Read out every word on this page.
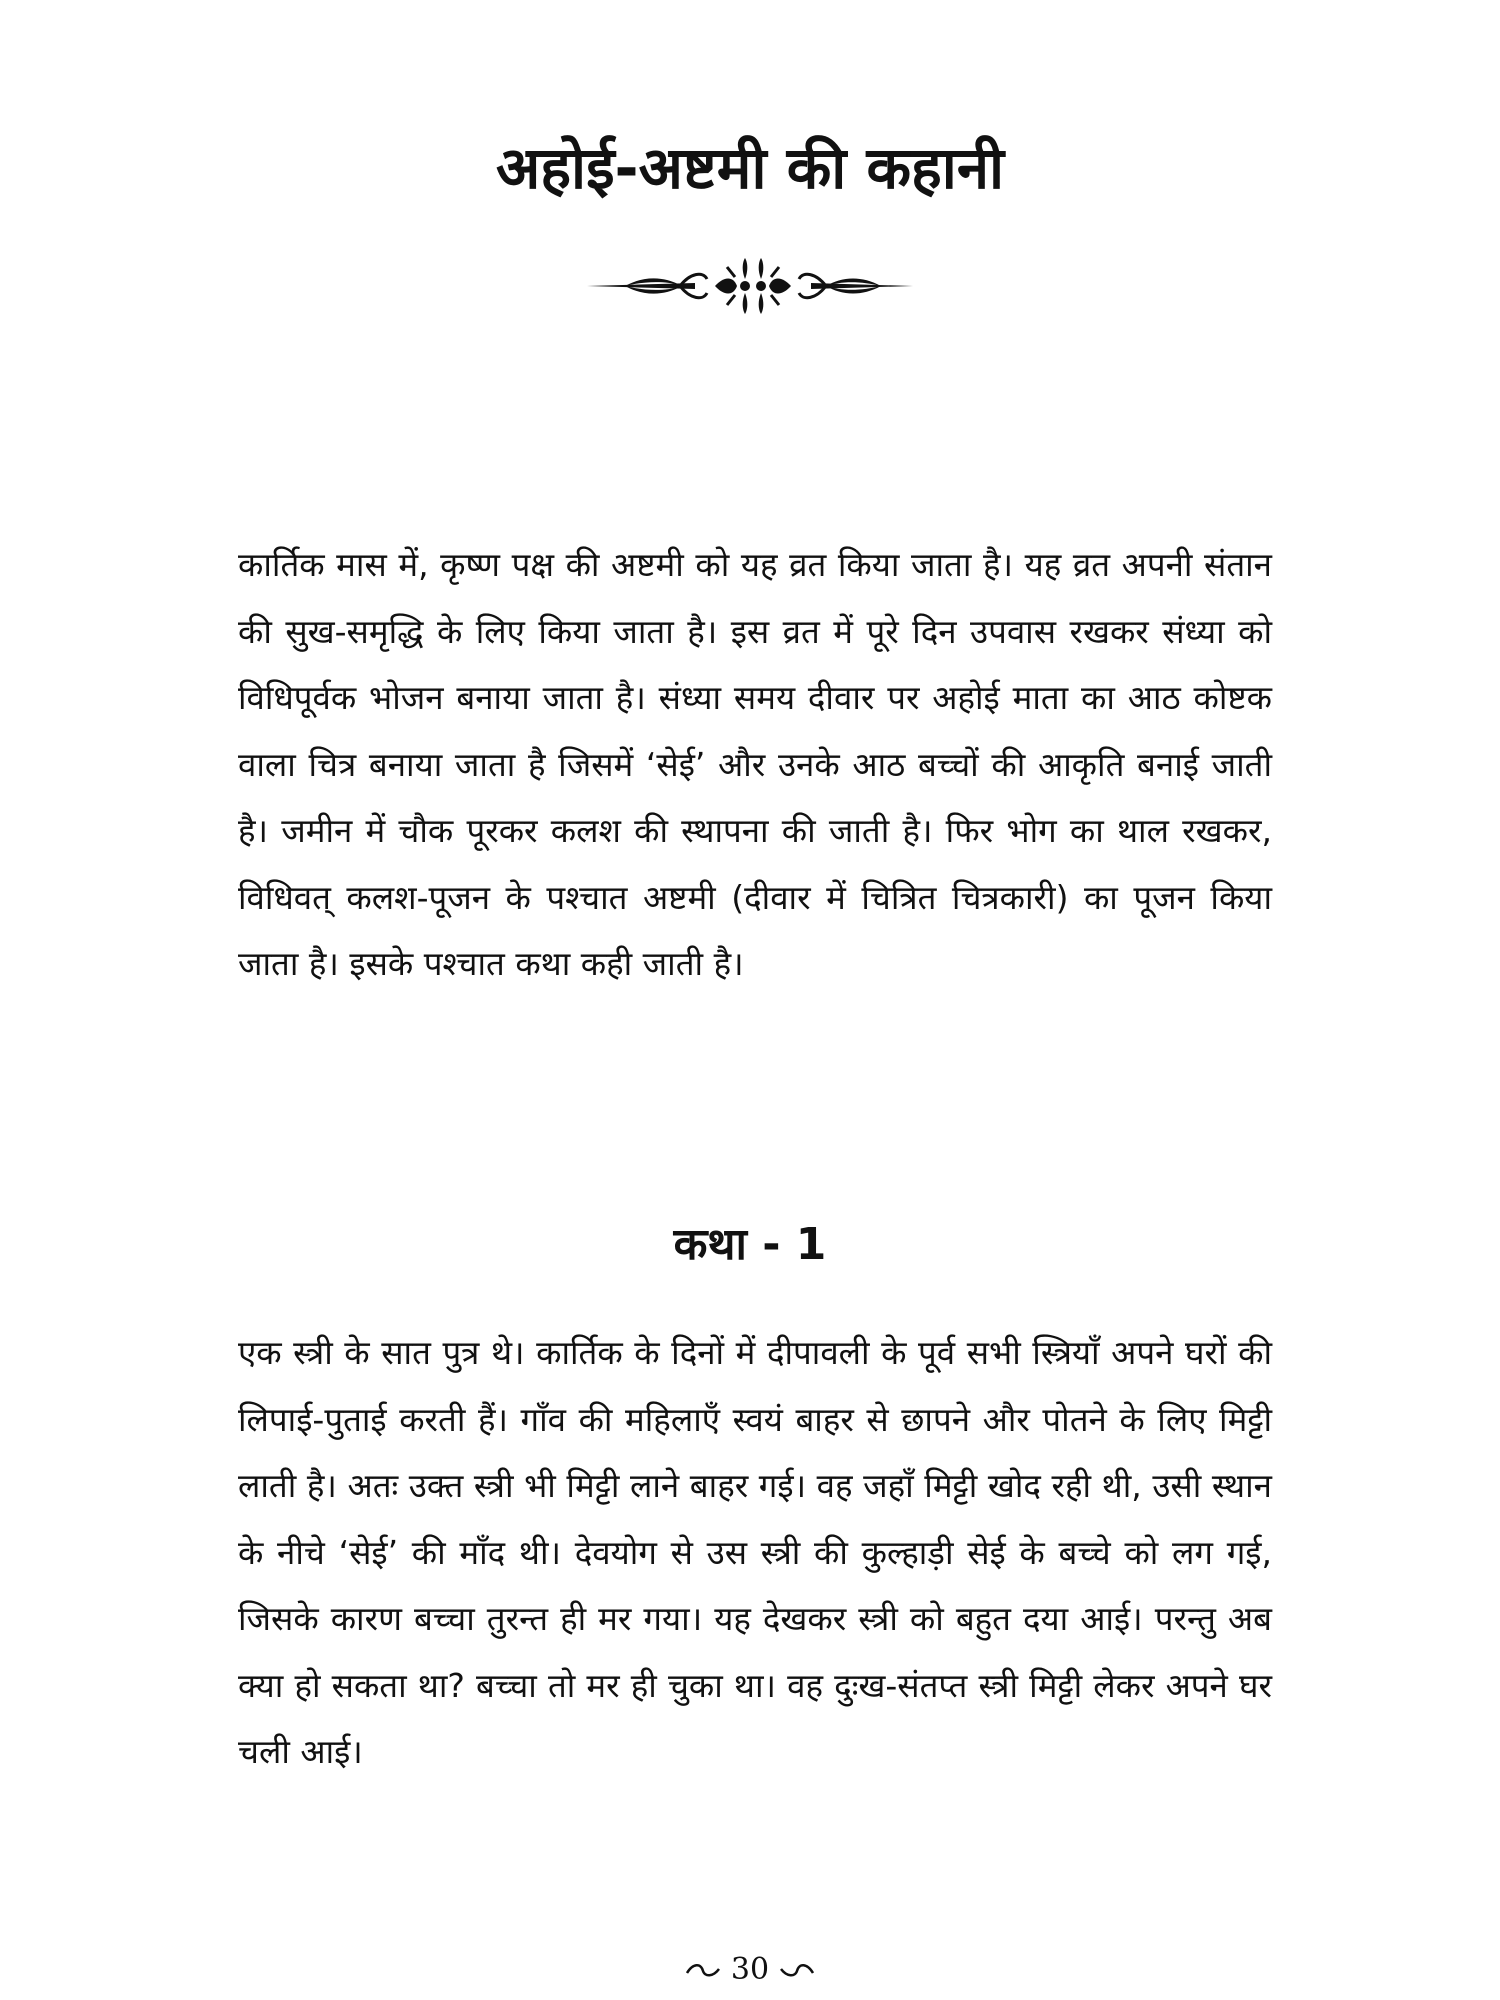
अहोई-अष्टमी की कहानी

कार्तिक मास में, कृष्ण पक्ष की अष्टमी को यह व्रत किया जाता है। यह व्रत अपनी संतान की सुख-समृद्धि के लिए किया जाता है। इस व्रत में पूरे दिन उपवास रखकर संध्या को विधिपूर्वक भोजन बनाया जाता है। संध्या समय दीवार पर अहोई माता का आठ कोष्टक वाला चित्र बनाया जाता है जिसमें ‘सेई’ और उनके आठ बच्चों की आकृति बनाई जाती है। जमीन में चौक पूरकर कलश की स्थापना की जाती है। फिर भोग का थाल रखकर, विधिवत् कलश-पूजन के पश्चात अष्टमी (दीवार में चित्रित चित्रकारी) का पूजन किया जाता है। इसके पश्चात कथा कही जाती है।

कथा - 1

एक स्त्री के सात पुत्र थे। कार्तिक के दिनों में दीपावली के पूर्व सभी स्त्रियाँ अपने घरों की लिपाई-पुताई करती हैं। गाँव की महिलाएँ स्वयं बाहर से छापने और पोतने के लिए मिट्टी लाती है। अतः उक्त स्त्री भी मिट्टी लाने बाहर गई। वह जहाँ मिट्टी खोद रही थी, उसी स्थान के नीचे ‘सेई’ की माँद थी। देवयोग से उस स्त्री की कुल्हाड़ी सेई के बच्चे को लग गई, जिसके कारण बच्चा तुरन्त ही मर गया। यह देखकर स्त्री को बहुत दया आई। परन्तु अब क्या हो सकता था? बच्चा तो मर ही चुका था। वह दुःख-संतप्त स्त्री मिट्टी लेकर अपने घर चली आई।

30
